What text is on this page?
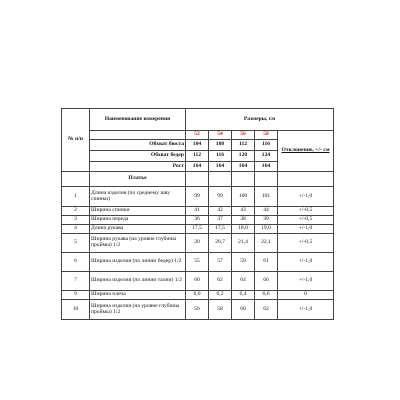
№ п/п	Наименование измерения	Размеры, см				
		52	54	56	58	Отклонение, +/- см
	Обхват бюста	104	108	112	116	
	Обхват бедер	112	116	120	124	
	Рост	164	164	164	164	
	Платье					
1	Длина изделия (по среднему шву спинки)	99	99	100	101	+/-1,0
2	Ширина спинки	41	42	43	44	+/-0,5
3	Ширина переда	36	37	38	39	+/-0,5
4	Длина рукава	17,5	17,5	18,0	19,0	+/-1,0
5	Ширина рукава (на уровне глубины проймы) 1/2	20	20,7	21,4	22,1	+/-0,5
6	Ширина изделия (по линии бедер) 1/2	55	57	59	61	+/-1,0
7	Ширина изделия (по линии талии) 1/2	60	62	64	66	+/-1,0
9	Ширина плеча	6,0	6,2	6,4	6,6	0
10	Ширина изделия (на уровне глубины проймы) 1/2	56	58	60	62	+/-1,0
